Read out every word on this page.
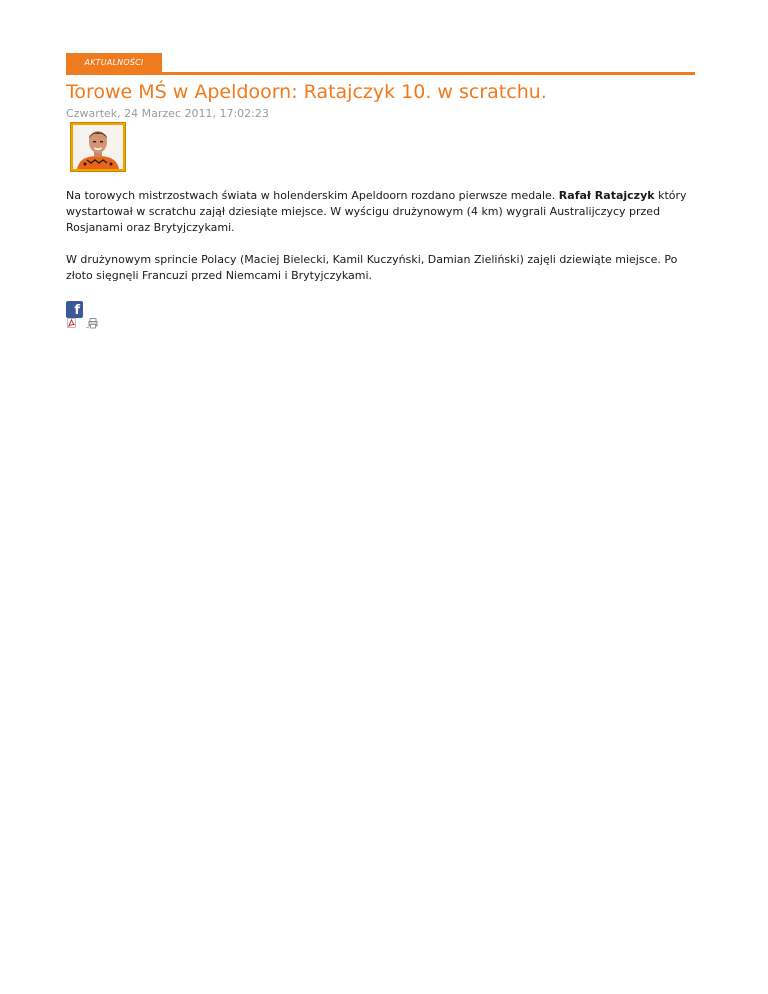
AKTUALNOŚCI
Torowe MŚ w Apeldoorn: Ratajczyk 10. w scratchu.
Czwartek, 24 Marzec 2011, 17:02:23

Na torowych mistrzostwach świata w holenderskim Apeldoorn rozdano pierwsze medale. Rafał Ratajczyk który wystartował w scratchu zajął dziesiąte miejsce. W wyścigu drużynowym (4 km) wygrali Australijczycy przed Rosjanami oraz Brytyjczykami.

W drużynowym sprincie Polacy (Maciej Bielecki, Kamil Kuczyński, Damian Zieliński) zajęli dziewiąte miejsce. Po złoto sięgnęli Francuzi przed Niemcami i Brytyjczykami.

f
